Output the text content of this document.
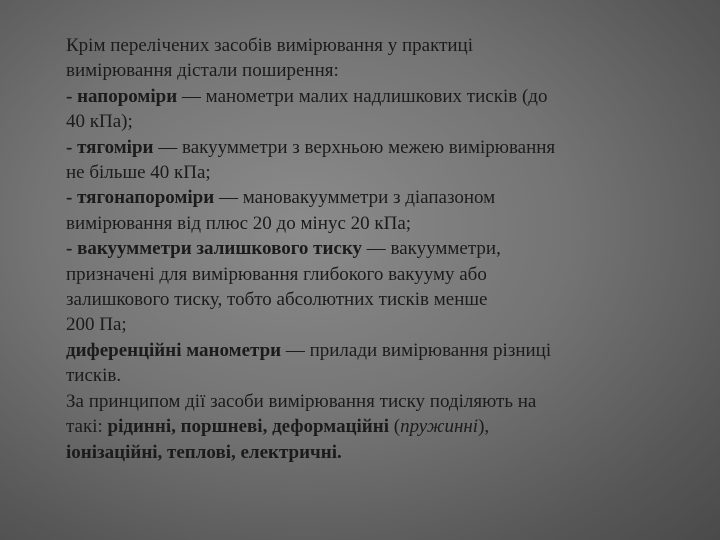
Крім перелічених засобів вимірювання у практиці
вимірювання дістали поширення:

- напороміри — манометри малих надлишкових тисків (до
40 кПа);

- тягоміри — вакуумметри з верхньою межею вимірювання
не більше 40 кПа;

- тягонапороміри — мановакуумметри з діапазоном
вимірювання від плюс 20 до мінус 20 кПа;

- вакуумметри залишкового тиску — вакуумметри,
призначені для вимірювання глибокого вакууму або
залишкового тиску, тобто абсолютних тисків менше
200 Па;

диференційні манометри — прилади вимірювання різниці
тисків.

За принципом дії засоби вимірювання тиску поділяють на
такі: рідинні, поршневі, деформаційні (пружинні),
іонізаційні, теплові, електричні.
